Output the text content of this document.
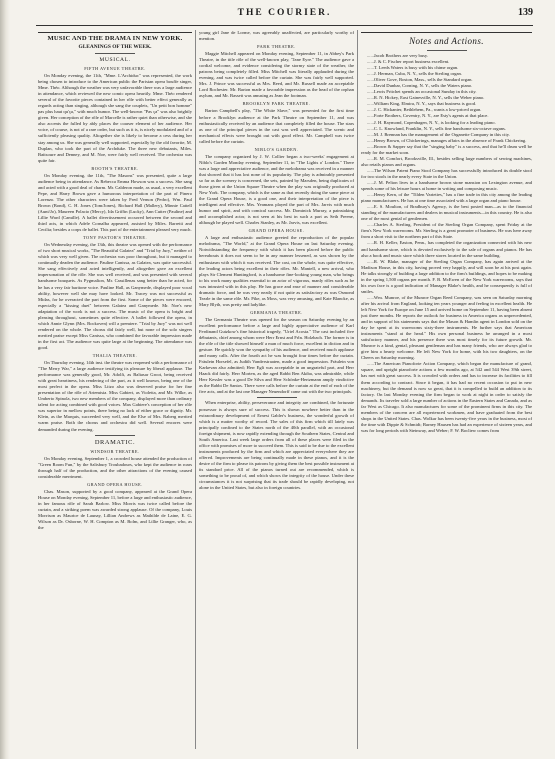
THE COURIER.	139
MUSIC AND THE DRAMA IN NEW YORK.
GLEANINGS OF THE WEEK.
MUSICAL.
FIFTH AVENUE THEATRE.

On Monday evening, the 11th, "Mme. L'Archiduc" was represented, the work being chosen to introduce to the American public the Parisian opera bouffe singer, Mme. Théo. Although the weather was very unfavorable there was a large audience in attendance, which reviewed the new comic opera heartily. Mme. Théo rendered several of the favorite pieces contained in her rôle with better effect generally as regards acting than singing, although she sang the couplets, "Un petit bon homme" pas plus haut qu'ça," with much humor. The well-known "Pas ça" was also brightly given. Her conception of the rôle of Marcelle is rather quiet than otherwise, and she also accents the fulled by ably places the coarser element of her audience. Her voice, of course, is not of a rare order, but such as it is, is nicely modulated and of a sufficiently pleasing quality. Altogether she is likely to become a cess during her stay among us. She was generally well supported, especially by the old favorite, M. Duplan, who took the part of the Archduke. The three new debutants, Miles. Baitsoure and Denney, and M. Noe, were fairly well received. The orchestra was quite fair.

BOOTH'S THEATRE.

On Monday evening, the 11th, "The Masons" was presented, quite a large audience being in attendance. As Rebecca Emma Howson was a success. She sang and acted with a good deal of charm. Mr. Calderon made, as usual, a very excellent Pepe, and Harry Brown gave a humorous interpretation of the part of Pinero Lorenzo. The other characters were taken by Fred Vernon (Pedro), Wm. Paul Brown (Bond), C. H. Jones (Tom/Jones), Richard Hall (Mallery), Minnie Cattell (Aunt/Jo), Maureen Polacio (Mercy), Ida Griffin (Lucky), Ann Cutter (Pauline) and Lillie Ward (Camille). A ballet divertissement occurred between the second and third acts, in which Adele Cornalba appeared, assisted by Miles. Barretti and Cecilia; besides a corps de ballet. This part of the entertainment pleased very much.

TONY PASTOR'S THEATRE.

On Wednesday evening, the 13th, this theatre was opened with the performance of two short musical works, "The Beautiful Galatea" and "Trial by Jury," neither of which was very well given. The orchestra was poor throughout, but it managed to continually deaden the audience. Pauline Canissa, as Galatea, was quite successful. She sang effectively and acted intelligently, and altogether gave an excellent impersonation of the rôle. She was well received, and was presented with several handsome bouquets. As Pygmalion, Mr. Cassillenas sang better than he acted, for he has a very fair baritone voice. Pauline Hall, as Ganymede, displayed poor vocal ability, however well she may have looked. Mr. Tracey was not successful as Midas, for he overacted the part from the first. Some of the pieces were encored, especially a "kissing duet" between Galatea and Ganymede. Mr. Noe's new adaptation of the work is not a success. The music of the opera is bright and pleasing throughout, sometimes quite effective. A ballet followed the opera, in which Annie Glynn (Mrs. Bockoven) will a premiere. "Trial by Jury" was not well rendered on the whole. The chorus did fairly well, but none of the solo singers merited praise except Miss Canissa, who combined the favorable impression made in the first act. The audience was quite large at the beginning. The attendance was good.

THALIA THEATRE.

On Thursday evening, 14th inst. the theatre was reopened with a performance of "The Merry War," a large audience testifying its pleasure by liberal applause. The performance was generally good, Mr. Adolfi, as Baltasar Groot, being received with great heartiness, his rendering of the part, as it well known, being one of the most perfect in the opera. Miss Litzo also was deserved praise for her fine presentation of the rôle of Artemisia. Miss Gabiert, as Violetta, and Mr. Wilke, as Umberto Spinola, two new members of the company, displayed more than ordinary talent for acting combined with good voices. Max Gabiere's conception of her rôle was superior in mellow points, there being no lack of either grace or dignity. Mr. Klein, as the Marquis, succeeded very well, and the Else of Mrs. Raberg merited warm praise. Both the chorus and orchestra did well. Several encores were demanded during the evening.

DRAMATIC.
WINDSOR THEATRE.

On Monday evening, September 1, a crowded house attended the production of "Green Room Fun," by the Salisbury Troubadours, who kept the audience in roars through half of the production, and the other attractions of the evening caused considerable merriment.

GRAND OPERA HOUSE.

Chas. Mason, supported by a good company, appeared at the Grand Opera House on Monday evening, September 11, before a large and enthusiastic audience, in her famous rôle of Sarah Barlow. Miss Morris was twice called before the curtain, and a striking poem was awarded strong applause. Of the company, Louis Morrison as Maurice de Launay, Lillian Andrews as Mathilde de Laine, E. G. Wilson as Dr. Osborne, W. H. Compton as M. Bolm, and Lillie Granger, who, as the

young girl Jane de Lorme, was agreeably unaffected, are particularly worthy of mention.

PARK THEATRE.

Maggie Mitchell appeared on Monday evening, September 11, in Abbey's Park Theatre, in the title rôle of the well-known play, "Jane Eyre." The audience gave a cordial welcome, and evidence considering the stormy state of the weather, the patrons being completely filled. Miss Mitchell was literally applauded during the evening, and was twice called before the curtain. She was fairly well supported. Mrs. J. Prince was successful as Mrs. Reed, and Mr. Russell made an acceptable Lord Rochester. Mr. Barton made a favorable impression as the head of the orphan asylum, and Mr. Bassett was amusing as Jean the footman.

BROOKLYN PARK THEATRE.

Barton Campbell's play, "The White Slave," was presented for the first time before a Brooklyn audience at the Park Theatre on September 11, and was enthusiastically received by an audience that completely filled the house. The stars as one of the principal pieces in the cast was well appreciated. The scenic and mechanical effects were brought out with good effect. Mr. Campbell was twice called before the curtain.

NIBLO'S GARDEN.

The company organized by J. W. Collier began a two-weeks' engagement at Niblo's Garden Monday evening, September 11, in "The Lights o' London." There was a large and appreciative audience, and the melodrama was received in a manner that showed that it has lost none of its popularity. The play is admirably presented so far as the scenery is concerned, the sets, painted by Marsden, being duplicates of those given at the Union Square Theatre when the play was originally produced at New York. The company, which is the same as that recently doing the same piece at the Grand Opera House, is a good one, and their interpretation of the piece is intelligent and effective. Mrs. Yeamans played the part of Mrs. Jarvis with much humor and spirit, and with comical success. Mr. Dominick Murray, a painstaking and accomplished actor, is not seen at his best in such a part as Seth Preene, although he played well. Charles Stanley, as Mr. Jarvis, was excellent.

GRAND OPERA HOUSE.

A large and enthusiastic audience greeted the reproduction of the popular melodrama, "The World," at the Grand Opera House on last Saturday evening. Notwithstanding the frequency with which it has been placed before the public hereabouts it does not seem to be in any manner lessened, as was shown by the enthusiasm with which it was received. The cast, on the whole, was quite effective, the leading actors being excellent in their rôles. Mr. Mantell, a new arrival, who plays Sir Clement Huntingford, is a handsome fine-looking young man, who brings to his work many qualities essential to an actor of vigorous, manly rôles such as he was intrusted with in this play. He has grace and ease of manner and considerable dramatic force, and he was very neatly if not quite as satisfactory as was Osmond Tearle in the same rôle. Mr. Pike, as Moss, was very amusing, and Kate Blancke, as Mary Blyth, was pretty and ladylike.

GERMANIA THEATRE.

The Germania Theatre was opened for the season on Saturday evening by an excellent performance before a large and highly appreciative audience of Karl Ferdinand Gutzkow's fine historical tragedy, "Uriel Acosta." The cast included five débutants, chief among whom were Herr Ernst and Frln. Holzbach. The former is in the rôle of the title showed himself a man of much force, excellent in diction and in gesture. He quickly won the sympathy of his audience, and received much applause and many calls. After the fourth act he was brought four times before the curtain. Fräulein Horsefel, as Judith Vanderstraaten, made a good impression. Fräulein von Karkevan also admitted; Herr Egli was acceptable in an ungrateful part, and Herr Haack did fairly. Herr Morten, as the aged Rabbi Ben Akiba, was admirable, while Herr Kessler was a good De Silva and Herr Schönke-Hertzmann amply vindictive as the Rabbi De Santos. There were calls before the curtain at the end of each of the five acts, and at the last one Manager Neuendorff came out with the two principals.

When enterprise, ability, perseverance and integrity are combined, the fortunate possessor is always sure of success. This is shown nowhere better than in the extraordinary development of Ernest Gabler's business, the wonderful growth of which is a matter worthy of record. The sales of this firm which till lately was principally confined to the States north of the 40th parallel, with an occasional foreign shipment, is now rapidly extending through the Southern States, Central and South America. Last week large orders from all of these places were filed in the office with promises of more to succeed them. This is said to be due to the excellent instruments produced by the firm and which are appreciated everywhere they are offered. Improvements are being continually made in these pianos, and it is the desire of the firm to please its patrons by giving them the best possible instrument at its standard price. All of the pianos turned out are recommended, which is something to be proud of, and which shows the integrity of the house. Under these circumstances it is not surprising that its trade should be rapidly developing, not alone in the United States, but also in foreign countries.

Notes and Actions.

......Jacob Brothers are very busy.

......J. & C. Fischer report business excellent.

......T. Leeds Waters is busy with his chime organ.

......J. Herman, Cuba, N. Y., sells the Sterling organ.

......Oliver Gove, Boston, Mass., sells the Standard organ.

......David Dunbar, Corning, N. Y., sells the Waters piano.

......Lewis Pritchet spends an occasional Sunday in this city.

......R. N. Hickey, East Gainesville, N. Y., sells the Weber piano.

......William King, Elmira, N. Y., says that business is good.

......J. C. Hickanter, Bethlehem, Pa., wants a low-priced organ.

......Forte Brothers, Coventry, N. Y., are Esty's agents at that place.

......J. H. Raymond, Copenhagen, N. Y., is looking for a leading piano.

......C. L. Knowland, Franklin, N. Y., sells fine handsome six-octave organs.

......M. J. Brennan has the management of the Organette Company in this city.

......Henry Brown, of Chickerings, manages affairs in the absence of Frank Chickering.

......Brown & Sapper say that the "singing baby" is a success, and that he'll drum well be ready for the market soon.

......R. M. Comfort, Brooksville, Ill., besides selling large numbers of sewing machines, also retails pianos and organs.

......The Wilson Patent Piano Stool Company has successfully introduced its double stool for two stools in the nearly every State in the Union.

......J. M. Pelton lives in a handsome brown stone mansion on Lexington avenue, and spends some of his leisure hours at home in writing and composing music.

......Henry Kern, of the "Tilden Varieties," has a fine trade in this city among the leading piano manufacturers. He has at one time associated with a large organ and piano house.

......E. S. Moulton, of Bradbury's Agency, is the best posted man—as to the financial standing of the manufacturers and dealers in musical instruments—in this country. He is also one of the most genial of gentlemen.

......Charles A. Sterling, President of the Sterling Organ Company, spent Friday at the firm's New York warerooms. Mr. Sterling is a great promoter of business. He was here away from a short visit to the northern part of this State.

......R. H. Keller, Easton, Penn., has completed the organization connected with his new and handsome store, which is devoted exclusively to the sale of organs and pianos. He has also a book and music store which three stores located in the same building.

......R. W. Blake, manager of the Sterling Organ Company, has again arrived at the Madison House, in this city, having proved very happily, and will soon be at his post again. He talks strongly of building a large addition to the firm's buildings, and hopes to be making in the spring 1,500 organs per month. F. B. McEwen of the New York warerooms, says that his own face is a good indication of Manager Blake's health, and he consequently is full of smiles.

......Wm. Munroe, of the Munroe Organ Reed Company, was seen on Saturday morning after his arrival from England, looking ten years younger and feeling in excellent health. He left New York for Europe on June 15 and arrived home on September 11, having been absent just three months. He reports the outlook for business in America organs as unprecedented, and in support of his statements says that the Mason & Hamlin agent in London sold on the day he spent at its warerooms sixty-three instruments. He further says that American instruments "stand at the head." His own personal business he arranged in a most satisfactory manner, and his presence there was most timely for its future growth. Mr. Munroe is a kind, genial, pleasant gentleman and has many friends, who are always glad to give him a hearty welcome. He left New York for home, with his two daughters, on the Cheers on Saturday morning.

......The American Pianoforte Action Company, which began the manufacture of grand, square, and upright pianoforte actions a few months ago, at 542 and 544 West 39th street, has met with great success. It is crowded with orders and has to increase its facilities to fill them according to contract. Since it began, it has had no recent occasion to put in new machinery, but the demand is now so great, that it is compelled to build an addition to its factory. On last Monday evening the firm began to work at night in order to satisfy the demands. Its traveler sold a large number of actions in the Eastern States and Canada, and as far West as Chicago. It also manufactures for some of the prominent firms in this city. The members of the concern are all experienced workmen, and have graduated from the best shops in the United States. Chas. Wolkar has been twenty-five years in the business, most of the time with Dippie & Schmidt; Barney Hausen has had an experience of sixteen years, and was for long periods with Steinway, and Weber; F. W. Bocliew comes from
